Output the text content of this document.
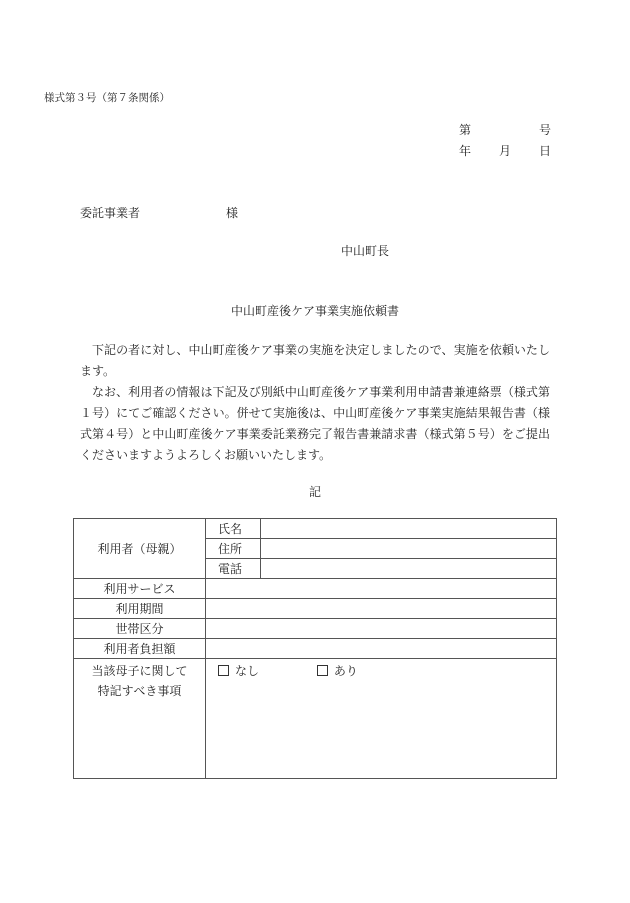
様式第３号（第７条関係）
第	号
年 月 日
委託事業者	様
中山町長
中山町産後ケア事業実施依頼書

下記の者に対し、中山町産後ケア事業の実施を決定しましたので、実施を依頼いたします。

なお、利用者の情報は下記及び別紙中山町産後ケア事業利用申請書兼連絡票（様式第１号）にてご確認ください。併せて実施後は、中山町産後ケア事業実施結果報告書（様式第４号）と中山町産後ケア事業委託業務完了報告書兼請求書（様式第５号）をご提出くださいますようよろしくお願いいたします。

記
利用者（母親）	氏名	
	住所	
	電話	
利用サービス		
利用期間		
世帯区分		
利用者負担額		

当該母子に関して
特記すべき事項	なし あり	
